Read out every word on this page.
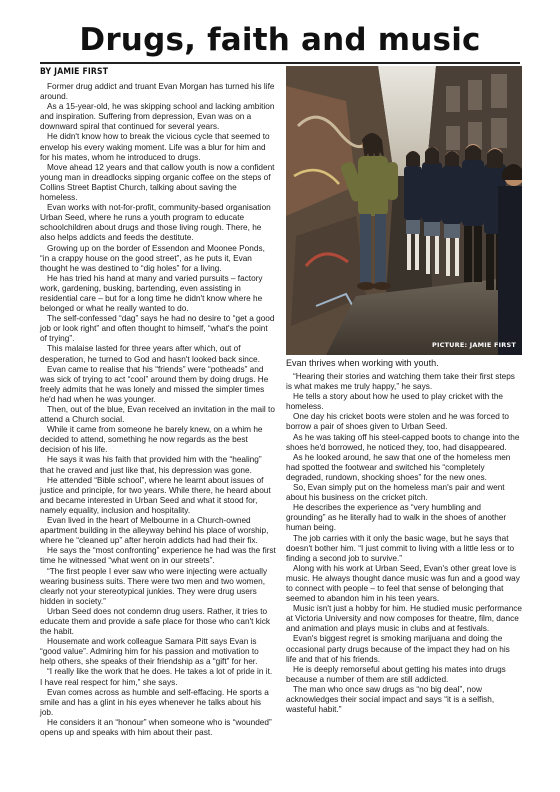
Drugs, faith and music
BY JAMIE FIRST

Former drug addict and truant Evan Morgan has turned his life around.

As a 15-year-old, he was skipping school and lacking ambition and inspiration. Suffering from depression, Evan was on a downward spiral that continued for several years.

He didn't know how to break the vicious cycle that seemed to envelop his every waking moment. Life was a blur for him and for his mates, whom he introduced to drugs.

Move ahead 12 years and that callow youth is now a confident young man in dreadlocks sipping organic coffee on the steps of Collins Street Baptist Church, talking about saving the homeless.

Evan works with not-for-profit, community-based organisation Urban Seed, where he runs a youth program to educate schoolchildren about drugs and those living rough. There, he also helps addicts and feeds the destitute.

Growing up on the border of Essendon and Moonee Ponds, “in a crappy house on the good street”, as he puts it, Evan thought he was destined to “dig holes” for a living.

He has tried his hand at many and varied pursuits – factory work, gardening, busking, bartending, even assisting in residential care – but for a long time he didn't know where he belonged or what he really wanted to do.

The self-confessed “dag” says he had no desire to “get a good job or look right” and often thought to himself, “what's the point of trying”.

This malaise lasted for three years after which, out of desperation, he turned to God and hasn't looked back since.

Evan came to realise that his “friends” were “potheads” and was sick of trying to act “cool” around them by doing drugs. He freely admits that he was lonely and missed the simpler times he'd had when he was younger.

Then, out of the blue, Evan received an invitation in the mail to attend a Church social.

While it came from someone he barely knew, on a whim he decided to attend, something he now regards as the best decision of his life.

He says it was his faith that provided him with the “healing” that he craved and just like that, his depression was gone.

He attended “Bible school”, where he learnt about issues of justice and principle, for two years. While there, he heard about and became interested in Urban Seed and what it stood for, namely equality, inclusion and hospitality.

Evan lived in the heart of Melbourne in a Church-owned apartment building in the alleyway behind his place of worship, where he “cleaned up” after heroin addicts had had their fix.

He says the “most confronting” experience he had was the first time he witnessed “what went on in our streets”.

“The first people I ever saw who were injecting were actually wearing business suits. There were two men and two women, clearly not your stereotypical junkies. They were drug users hidden in society.”

Urban Seed does not condemn drug users. Rather, it tries to educate them and provide a safe place for those who can't kick the habit.

Housemate and work colleague Samara Pitt says Evan is “good value”. Admiring him for his passion and motivation to help others, she speaks of their friendship as a “gift” for her.

“I really like the work that he does. He takes a lot of pride in it. I have real respect for him,” she says.

Evan comes across as humble and self-effacing. He sports a smile and has a glint in his eyes whenever he talks about his job.

He considers it an “honour” when someone who is “wounded” opens up and speaks with him about their past.

PICTURE: JAMIE FIRST
Evan thrives when working with youth.

“Hearing their stories and watching them take their first steps is what makes me truly happy,” he says.

He tells a story about how he used to play cricket with the homeless.

One day his cricket boots were stolen and he was forced to borrow a pair of shoes given to Urban Seed.

As he was taking off his steel-capped boots to change into the shoes he'd borrowed, he noticed they, too, had disappeared.

As he looked around, he saw that one of the homeless men had spotted the footwear and switched his “completely degraded, rundown, shocking shoes” for the new ones.

So, Evan simply put on the homeless man's pair and went about his business on the cricket pitch.

He describes the experience as “very humbling and grounding” as he literally had to walk in the shoes of another human being.

The job carries with it only the basic wage, but he says that doesn't bother him. “I just commit to living with a little less or to finding a second job to survive.”

Along with his work at Urban Seed, Evan's other great love is music. He always thought dance music was fun and a good way to connect with people – to feel that sense of belonging that seemed to abandon him in his teen years.

Music isn't just a hobby for him. He studied music performance at Victoria University and now composes for theatre, film, dance and animation and plays music in clubs and at festivals.

Evan's biggest regret is smoking marijuana and doing the occasional party drugs because of the impact they had on his life and that of his friends.

He is deeply remorseful about getting his mates into drugs because a number of them are still addicted.

The man who once saw drugs as “no big deal”, now acknowledges their social impact and says “it is a selfish, wasteful habit.”
